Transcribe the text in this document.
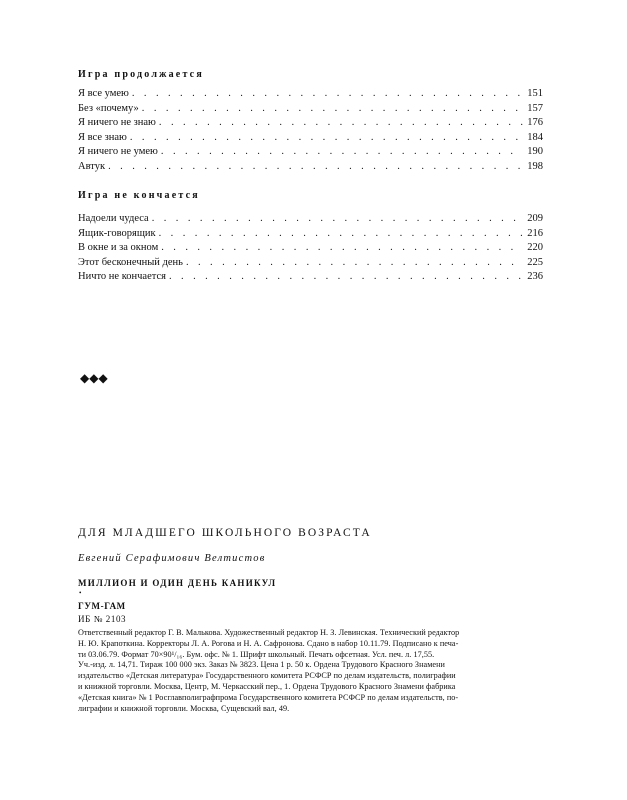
Игра продолжается
Я все умею . . .	151
Без «почему» . . .	157
Я ничего не знаю . . .	176
Я все знаю . . .	184
Я ничего не умею . . .	190
Автук . . .	198
Игра не кончается
Надоели чудеса . . .	209
Ящик-говорящик . . .	216
В окне и за окном . . .	220
Этот бесконечный день . . .	225
Ничто не кончается . . .	236
◆◆◆
ДЛЯ МЛАДШЕГО ШКОЛЬНОГО ВОЗРАСТА
Евгений Серафимович Велтистов
МИЛЛИОН И ОДИН ДЕНЬ КАНИКУЛ
•
ГУМ-ГАМ
ИБ № 2103
Ответственный редактор Г. В. Малькова. Художественный редактор Н. З. Левинская. Технический редактор
Н. Ю. Крапоткина. Корректоры Л. А. Рогова и Н. А. Сафронова. Сдано в набор 10.11.79. Подписано к печа-
ти 03.06.79. Формат 70×90¹/₁₆. Бум. офс. № 1. Шрифт школьный. Печать офсетная. Усл. печ. л. 17,55.
Уч.-изд. л. 14,71. Тираж 100 000 экз. Заказ № 3823. Цена 1 р. 50 к. Ордена Трудового Красного Знамени
издательство «Детская литература» Государственного комитета РСФСР по делам издательств, полиграфии
и книжной торговли. Москва, Центр, М. Черкасский пер., 1. Ордена Трудового Красного Знамени фабрика
«Детская книга» № 1 Росглавполиграфпрома Государственного комитета РСФСР по делам издательств, по-
лиграфии и книжной торговли. Москва, Сущевский вал, 49.
